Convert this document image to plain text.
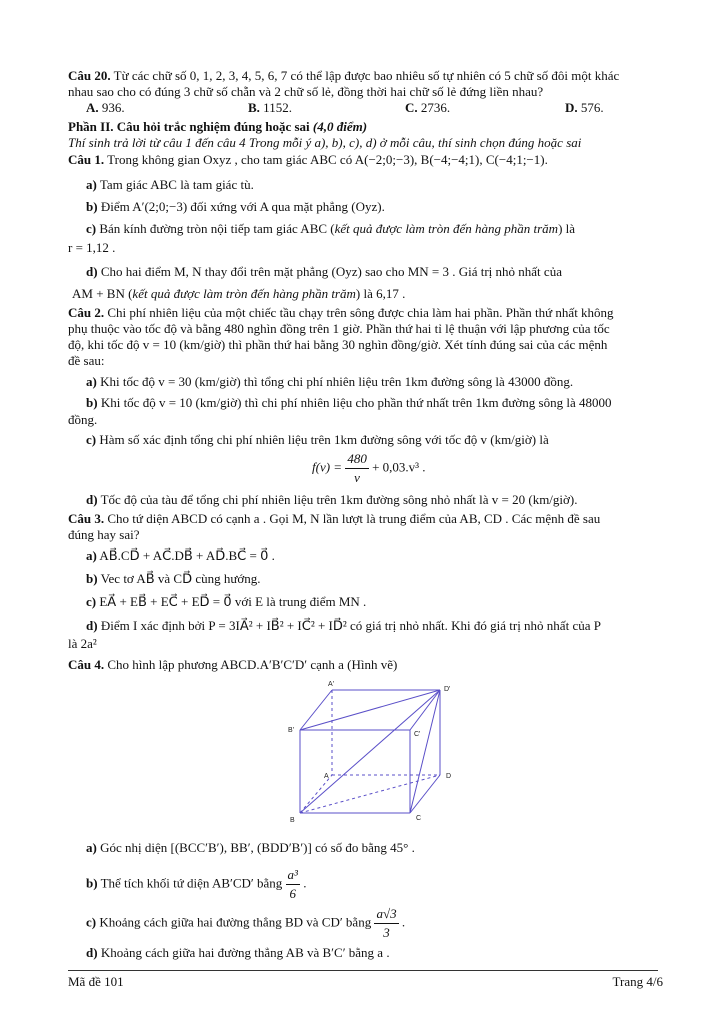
Câu 20. Từ các chữ số 0, 1, 2, 3, 4, 5, 6, 7 có thể lập được bao nhiêu số tự nhiên có 5 chữ số đôi một khác
nhau sao cho có đúng 3 chữ số chẵn và 2 chữ số lẻ, đồng thời hai chữ số lẻ đứng liền nhau?
A. 936.	B. 1152.	C. 2736.	D. 576.
Phần II. Câu hỏi trắc nghiệm đúng hoặc sai (4,0 điểm)
Thí sinh trả lời từ câu 1 đến câu 4 Trong mỗi ý a), b), c), d) ở mỗi câu, thí sinh chọn đúng hoặc sai
Câu 1. Trong không gian Oxyz , cho tam giác ABC có A(−2;0;−3), B(−4;−4;1), C(−4;1;−1).
a) Tam giác ABC là tam giác tù.
b) Điểm A′(2;0;−3) đối xứng với A qua mặt phẳng (Oyz).
c) Bán kính đường tròn nội tiếp tam giác ABC (kết quả được làm tròn đến hàng phần trăm) là
r = 1,12 .
d) Cho hai điểm M, N thay đổi trên mặt phẳng (Oyz) sao cho MN = 3 . Giá trị nhỏ nhất của
AM + BN (kết quả được làm tròn đến hàng phần trăm) là 6,17 .
Câu 2. Chi phí nhiên liệu của một chiếc tầu chạy trên sông được chia làm hai phần. Phần thứ nhất không
phụ thuộc vào tốc độ và bằng 480 nghìn đồng trên 1 giờ. Phần thứ hai tỉ lệ thuận với lập phương của tốc
độ, khi tốc độ v = 10 (km/giờ) thì phần thứ hai bằng 30 nghìn đồng/giờ. Xét tính đúng sai của các mệnh
đề sau:
a) Khi tốc độ v = 30 (km/giờ) thì tổng chi phí nhiên liệu trên 1km đường sông là 43000 đồng.
b) Khi tốc độ v = 10 (km/giờ) thì chi phí nhiên liệu cho phần thứ nhất trên 1km đường sông là 48000
đồng.
c) Hàm số xác định tổng chi phí nhiên liệu trên 1km đường sông với tốc độ v (km/giờ) là
$f(v) = \frac{480}{v} + 0,03.v^3$ .
d) Tốc độ của tàu để tổng chi phí nhiên liệu trên 1km đường sông nhỏ nhất là v = 20 (km/giờ).
Câu 3. Cho tứ diện ABCD có cạnh a . Gọi M, N lần lượt là trung điểm của AB, CD . Các mệnh đề sau
đúng hay sai?
a) AB⃗.CD⃗ + AC⃗.DB⃗ + AD⃗.BC⃗ = 0⃗ .
b) Vec tơ AB⃗ và CD⃗ cùng hướng.
c) EA⃗ + EB⃗ + EC⃗ + ED⃗ = 0⃗ với E là trung điểm MN .
d) Điểm I xác định bởi P = 3IA⃗² + IB⃗² + IC⃗² + ID⃗² có giá trị nhỏ nhất. Khi đó giá trị nhỏ nhất của P
là 2a²
Câu 4. Cho hình lập phương ABCD.A′B′C′D′ cạnh a (Hình vẽ)
A'
D'
B'
C'
A	D
B	C
a) Góc nhị diện [(BCC′B′), BB′, (BDD′B′)] có số đo bằng 45° .
b) Thể tích khối tứ diện AB′CD′ bằng $\frac{\text{a³}}{6}$ .
c) Khoảng cách giữa hai đường thẳng BD và CD′ bằng $\frac{a√3}{3}$ .
d) Khoảng cách giữa hai đường thẳng AB và B′C′ bằng a .
Mã đề 101	Trang 4/6
